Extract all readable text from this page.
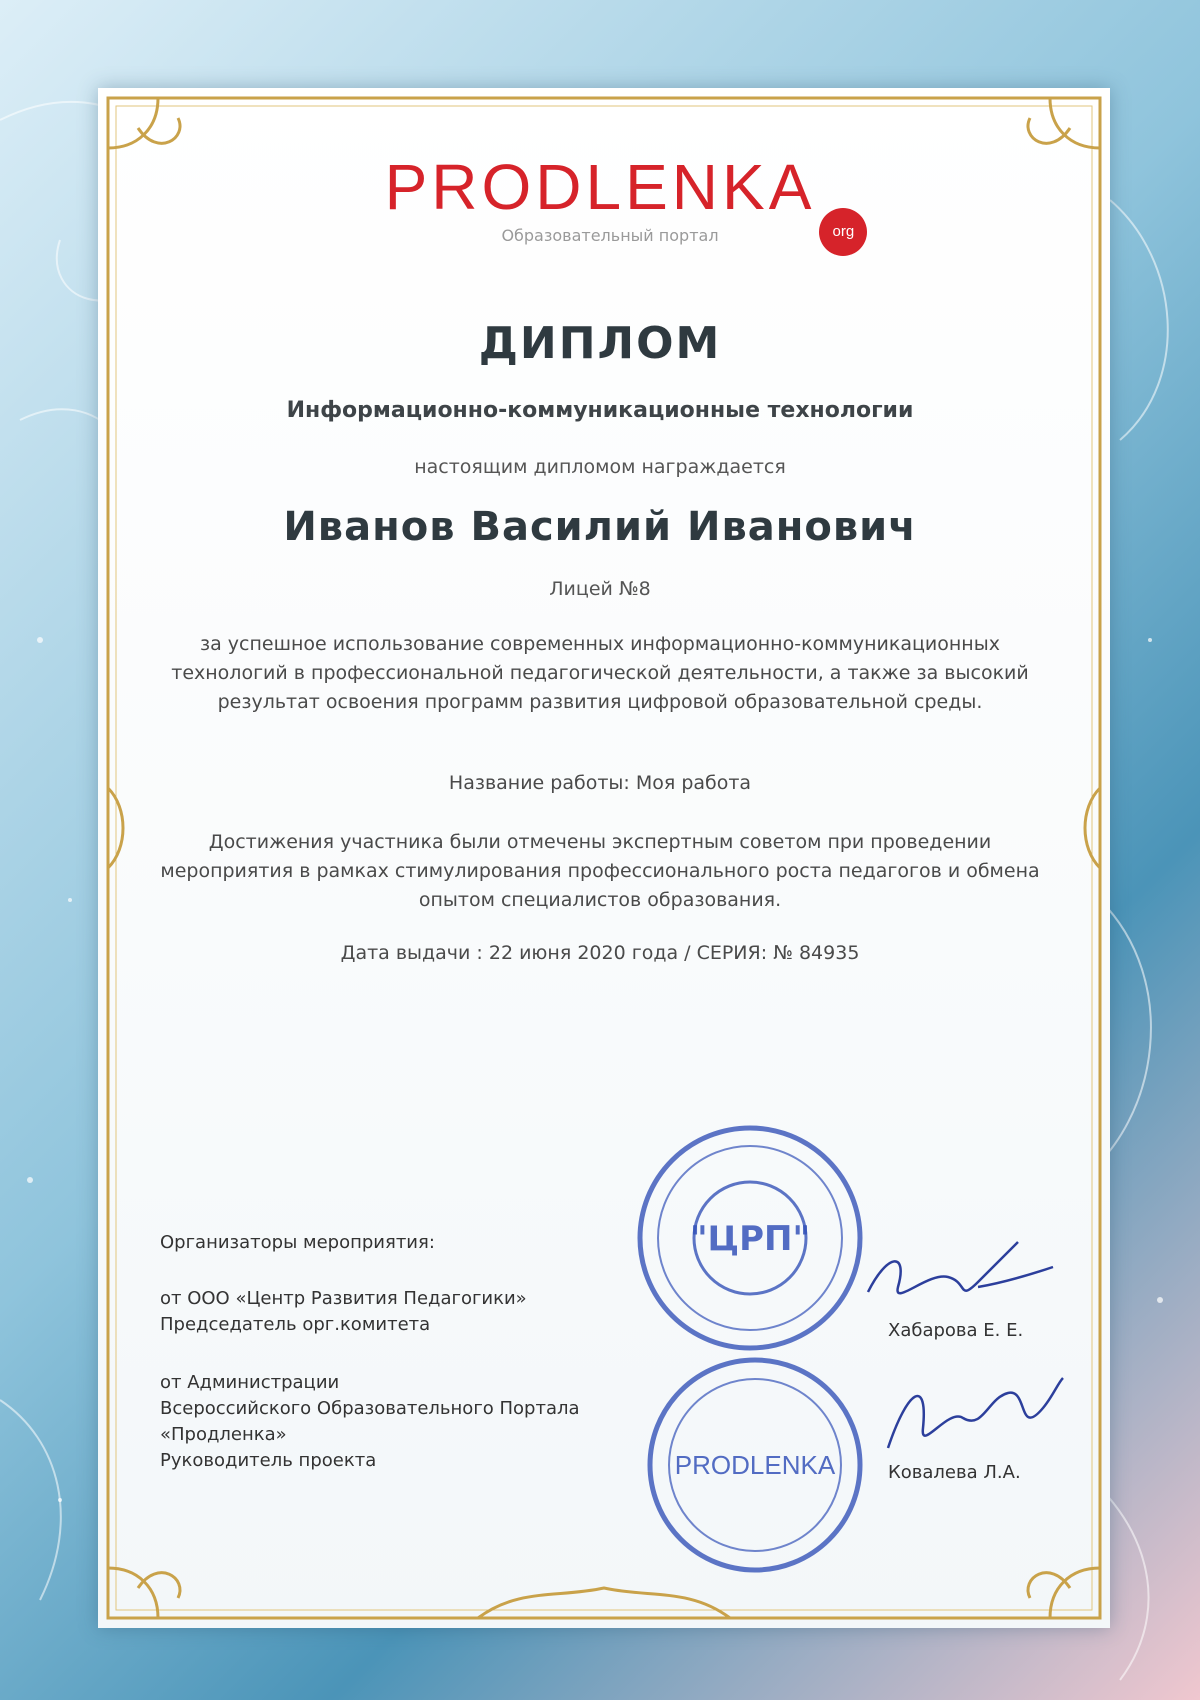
PRODLENKA
org
Образовательный портал
ДИПЛОМ
Информационно-коммуникационные технологии
настоящим дипломом награждается
Иванов Василий Иванович
Лицей №8
за успешное использование современных информационно-коммуникационных технологий в профессиональной педагогической деятельности, а также за высокий результат освоения программ развития цифровой образовательной среды.
Название работы: Моя работа
Достижения участника были отмечены экспертным советом при проведении мероприятия в рамках стимулирования профессионального роста педагогов и обмена опытом специалистов образования.
Дата выдачи : 22 июня 2020 года / СЕРИЯ: № 84935
"ЦРП"
PRODLENKA
Организаторы мероприятия:
от ООО «Центр Развития Педагогики»
Председатель орг.комитета	Хабарова Е. Е.
от Администрации
Всероссийского Образовательного Портала
«Продленка»
Руководитель проекта
Ковалева Л.А.
